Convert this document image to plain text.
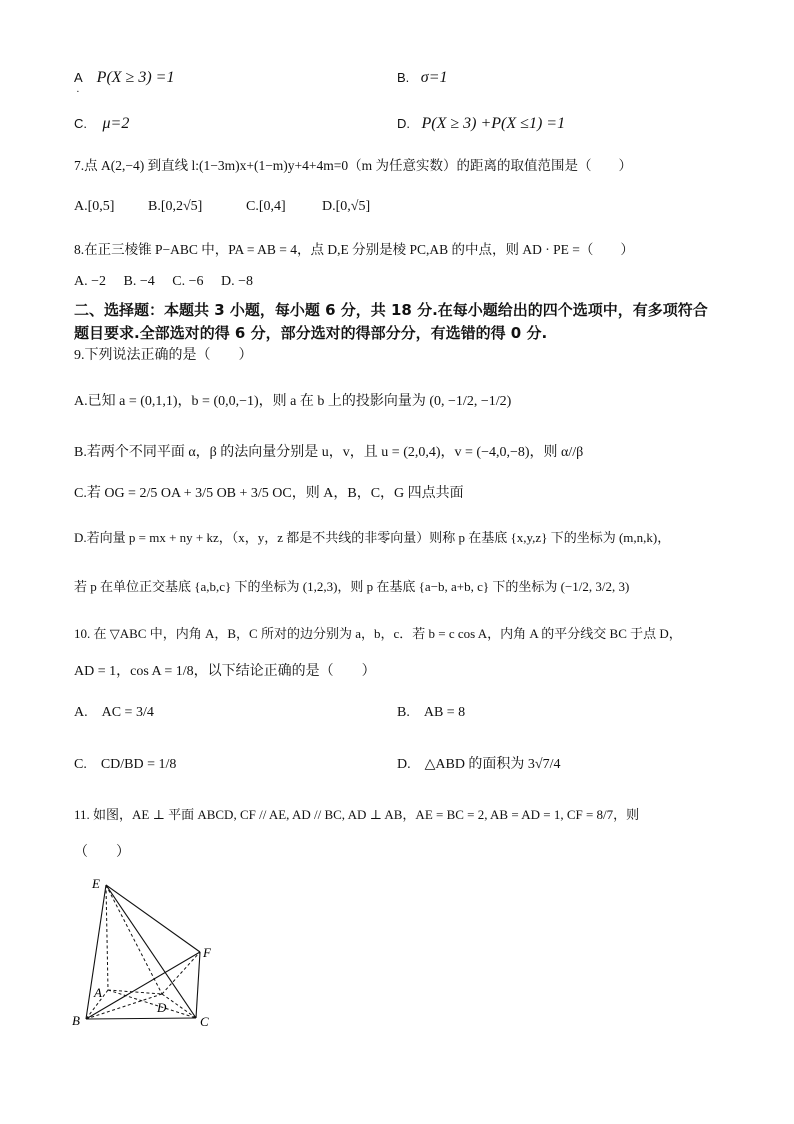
$A_.$ P(X ≥ 3) =1	B. σ=1
C. μ=2	D. P(X ≥ 3) +P(X ≤1) =1
7.点 A(2,−4) 到直线 l:(1−3m)x+(1−m)y+4+4m=0（m 为任意实数）的距离的取值范围是（　　）
A.[0,5] B.[0,2√5]	C.[0,4]	D.[0,√5]
8.在正三棱锥 P−ABC 中，PA = AB = 4，点 D,E 分别是棱 PC,AB 的中点，则 AD · PE =（　　）
A. −2　 B. −4　 C. −6　 D. −8
二、选择题：本题共 3 小题，每小题 6 分，共 18 分.在每小题给出的四个选项中，有多项符合
题目要求.全部选对的得 6 分，部分选对的得部分分，有选错的得 0 分.
9.下列说法正确的是（　　）
A.已知 a = (0,1,1)，b = (0,0,−1)，则 a 在 b 上的投影向量为 (0, −1/2, −1/2)
B.若两个不同平面 α，β 的法向量分别是 u，v，且 u = (2,0,4)，v = (−4,0,−8)，则 α//β
C.若 OG = 2/5 OA + 3/5 OB + 3/5 OC，则 A，B，C，G 四点共面
D.若向量 p = mx + ny + kz，（x，y，z 都是不共线的非零向量）则称 p 在基底 {x,y,z} 下的坐标为 (m,n,k)，
若 p 在单位正交基底 {a,b,c} 下的坐标为 (1,2,3)，则 p 在基底 {a−b, a+b, c} 下的坐标为 (−1/2, 3/2, 3)
10. 在 ▽ABC 中，内角 A，B，C 所对的边分别为 a，b，c．若 b = c cos A，内角 A 的平分线交 BC 于点 D，
AD = 1，cos A = 1/8，以下结论正确的是（　　）
A.　AC = 3/4	B.　AB = 8
C.　CD/BD = 1/8	D.　△ABD 的面积为 3√7/4
11. 如图，AE ⊥ 平面 ABCD, CF // AE, AD // BC, AD ⊥ AB，AE = BC = 2, AB = AD = 1, CF = 8/7，则
（　　）
E
F
A
D
B	C
